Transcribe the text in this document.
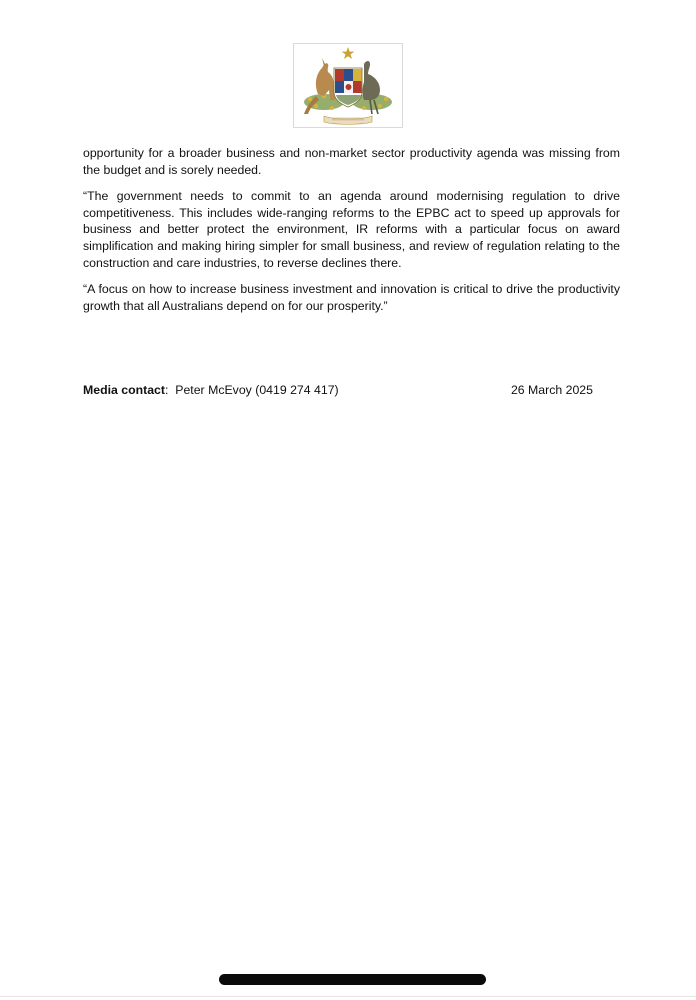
opportunity for a broader business and non-market sector productivity agenda was missing from the budget and is sorely needed.

“The government needs to commit to an agenda around modernising regulation to drive competitiveness. This includes wide-ranging reforms to the EPBC act to speed up approvals for business and better protect the environment, IR reforms with a particular focus on award simplification and making hiring simpler for small business, and review of regulation relating to the construction and care industries, to reverse declines there.

“A focus on how to increase business investment and innovation is critical to drive the productivity growth that all Australians depend on for our prosperity.”

Media contact: Peter McEvoy (0419 274 417)	26 March 2025
